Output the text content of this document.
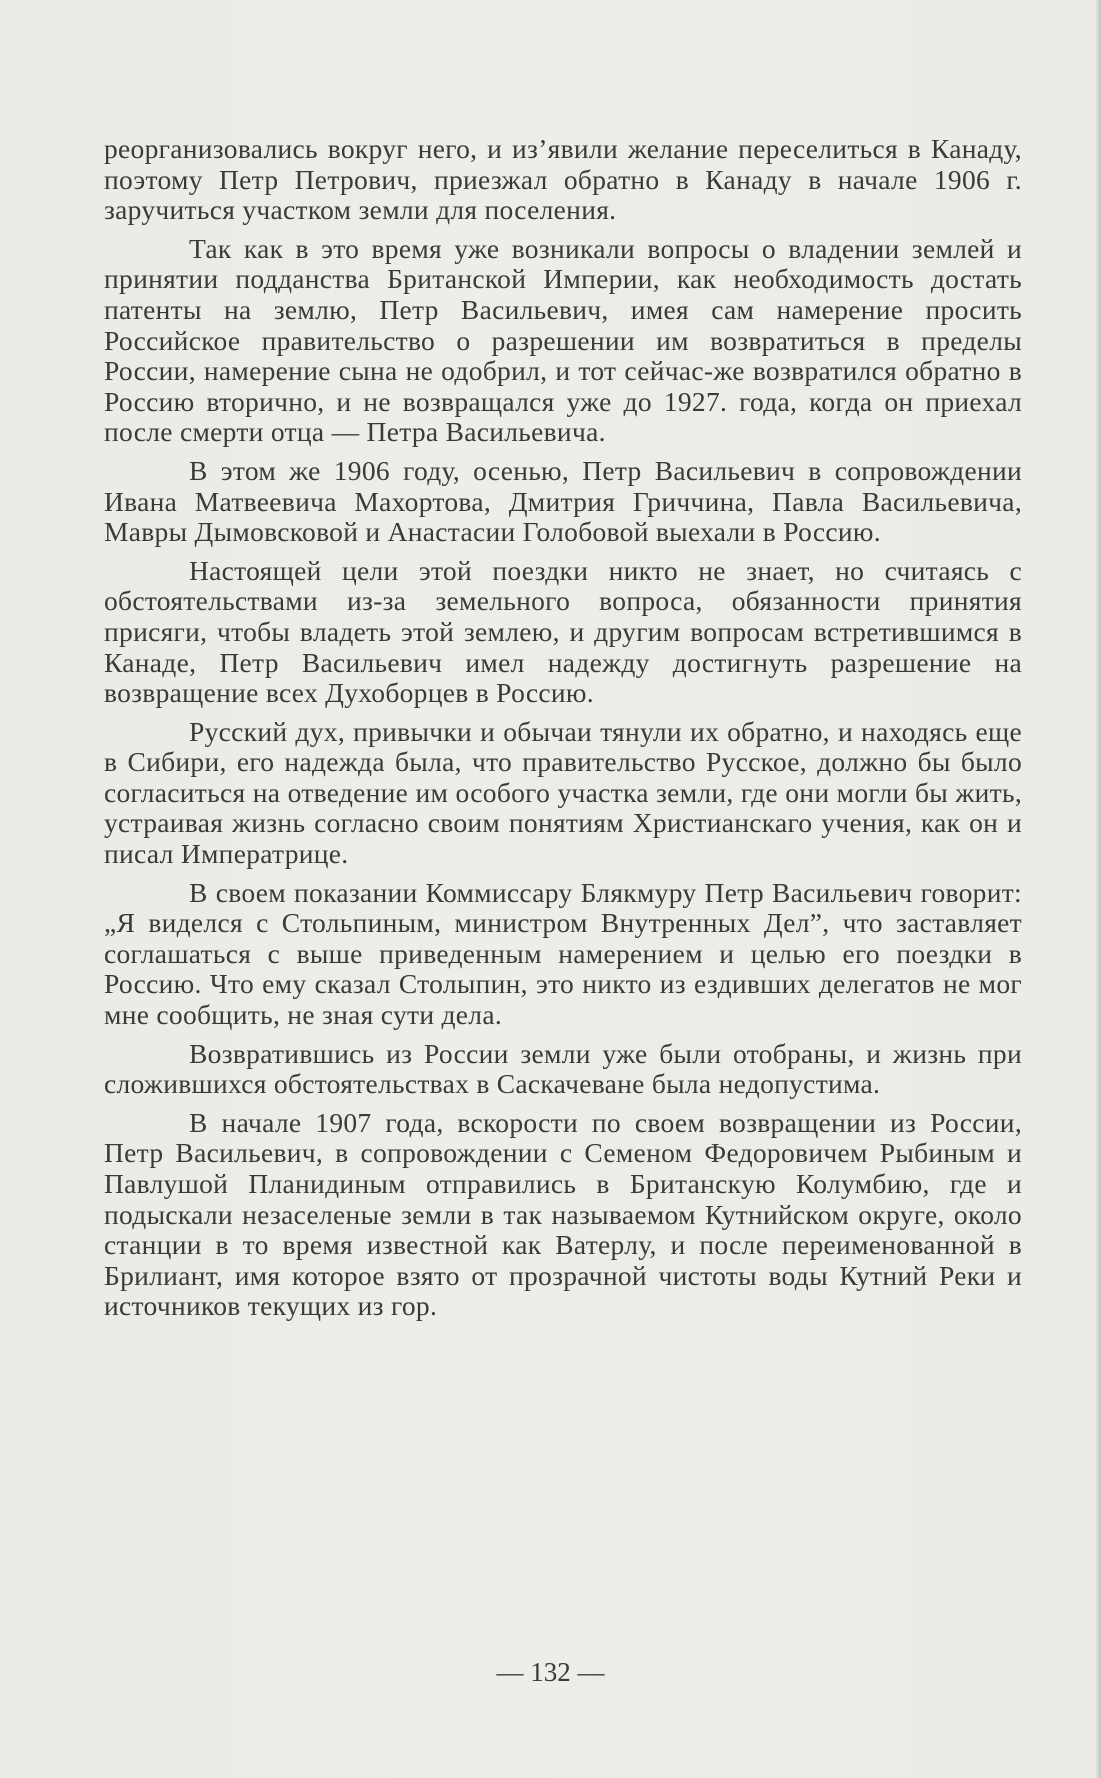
реорганизовались вокруг него, и из’явили желание переселиться в Канаду, поэтому Петр Петрович, приезжал обратно в Канаду в начале 1906 г. заручиться участком земли для поселения.

Так как в это время уже возникали вопросы о владении землей и принятии подданства Британской Империи, как необходимость достать патенты на землю, Петр Васильевич, имея сам намерение просить Российское правительство о разрешении им возвратиться в пределы России, намерение сына не одобрил, и тот сейчас-же возвратился обратно в Россию вторично, и не возвращался уже до 1927. года, когда он приехал после смерти отца — Петра Васильевича.

В этом же 1906 году, осенью, Петр Васильевич в сопровождении Ивана Матвеевича Махортова, Дмитрия Гриччина, Павла Васильевича, Мавры Дымовсковой и Анастасии Голобовой выехали в Россию.

Настоящей цели этой поездки никто не знает, но считаясь с обстоятельствами из-за земельного вопроса, обязанности принятия присяги, чтобы владеть этой землею, и другим вопросам встретившимся в Канаде, Петр Васильевич имел надежду достигнуть разрешение на возвращение всех Духоборцев в Россию.

Русский дух, привычки и обычаи тянули их обратно, и находясь еще в Сибири, его надежда была, что правительство Русское, должно бы было согласиться на отведение им особого участка земли, где они могли бы жить, устраивая жизнь согласно своим понятиям Христианскаго учения, как он и писал Императрице.

В своем показании Коммиссару Блякмуру Петр Васильевич говорит: „Я виделся с Стольпиным, министром Внутренных Дел”, что заставляет соглашаться с выше приведенным намерением и целью его поездки в Россию. Что ему сказал Столыпин, это никто из ездивших делегатов не мог мне сообщить, не зная сути дела.

Возвратившись из России земли уже были отобраны, и жизнь при сложившихся обстоятельствах в Саскачеване была недопустима.

В начале 1907 года, вскорости по своем возвращении из России, Петр Васильевич, в сопровождении с Семеном Федоровичем Рыбиным и Павлушой Планидиным отправились в Британскую Колумбию, где и подыскали незаселеные земли в так называемом Кутнийском округе, около станции в то время известной как Ватерлу, и после переименованной в Брилиант, имя которое взято от прозрачной чистоты воды Кутний Реки и источников текущих из гор.

— 132 —
